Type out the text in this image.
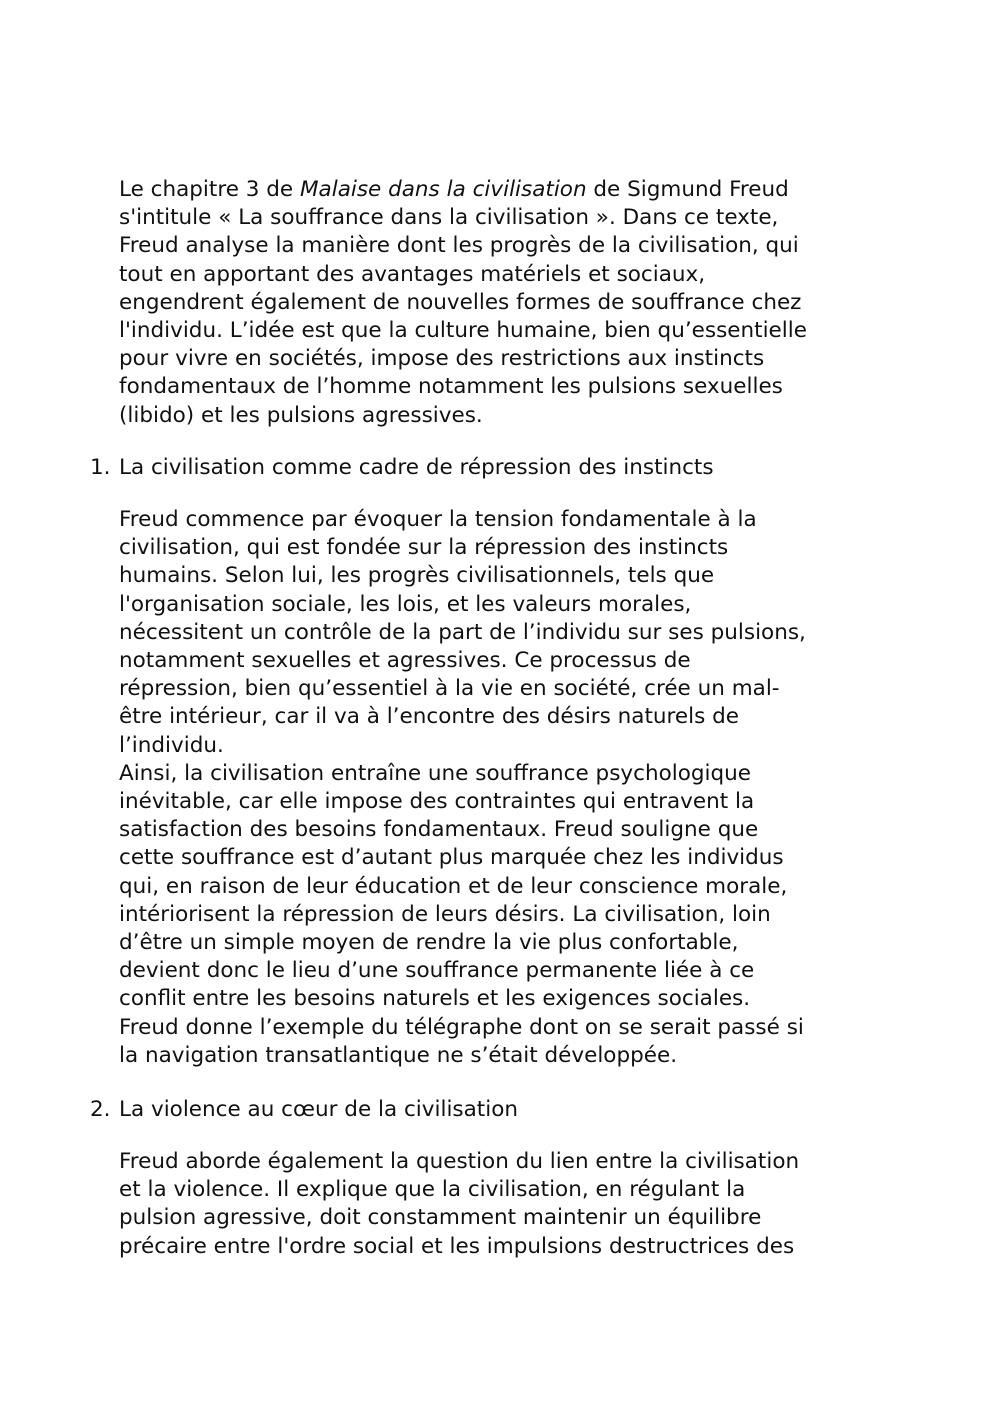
Le chapitre 3 de Malaise dans la civilisation de Sigmund Freud
s'intitule « La souffrance dans la civilisation ». Dans ce texte,
Freud analyse la manière dont les progrès de la civilisation, qui
tout en apportant des avantages matériels et sociaux,
engendrent également de nouvelles formes de souffrance chez
l'individu. L’idée est que la culture humaine, bien qu’essentielle
pour vivre en sociétés, impose des restrictions aux instincts
fondamentaux de l’homme notamment les pulsions sexuelles
(libido) et les pulsions agressives.

1. La civilisation comme cadre de répression des instincts

Freud commence par évoquer la tension fondamentale à la
civilisation, qui est fondée sur la répression des instincts
humains. Selon lui, les progrès civilisationnels, tels que
l'organisation sociale, les lois, et les valeurs morales,
nécessitent un contrôle de la part de l’individu sur ses pulsions,
notamment sexuelles et agressives. Ce processus de
répression, bien qu’essentiel à la vie en société, crée un mal-
être intérieur, car il va à l’encontre des désirs naturels de
l’individu.
Ainsi, la civilisation entraîne une souffrance psychologique
inévitable, car elle impose des contraintes qui entravent la
satisfaction des besoins fondamentaux. Freud souligne que
cette souffrance est d’autant plus marquée chez les individus
qui, en raison de leur éducation et de leur conscience morale,
intériorisent la répression de leurs désirs. La civilisation, loin
d’être un simple moyen de rendre la vie plus confortable,
devient donc le lieu d’une souffrance permanente liée à ce
conflit entre les besoins naturels et les exigences sociales.
Freud donne l’exemple du télégraphe dont on se serait passé si
la navigation transatlantique ne s’était développée.

2. La violence au cœur de la civilisation

Freud aborde également la question du lien entre la civilisation
et la violence. Il explique que la civilisation, en régulant la
pulsion agressive, doit constamment maintenir un équilibre
précaire entre l'ordre social et les impulsions destructrices des
